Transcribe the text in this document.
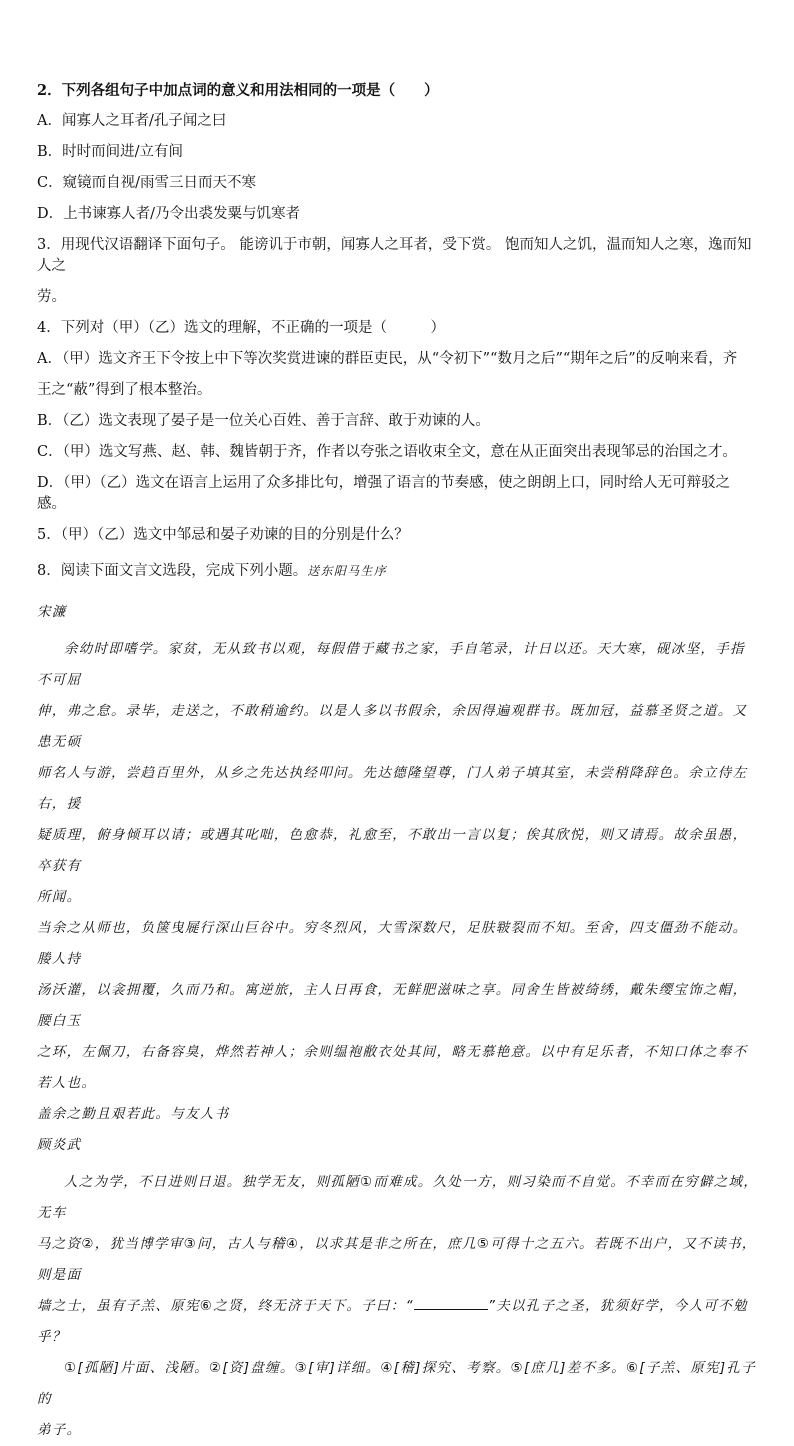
2．下列各组句子中加点词的意义和用法相同的一项是（　　）

A．闻寡人之耳者/孔子闻之曰

B．时时而间进/立有间

C．窥镜而自视/雨雪三日而天不寒

D．上书谏寡人者/乃令出裘发粟与饥寒者

3．用现代汉语翻译下面句子。 能谤讥于市朝，闻寡人之耳者，受下赏。 饱而知人之饥，温而知人之寒，逸而知人之

劳。

4．下列对（甲）（乙）选文的理解，不正确的一项是（　　　）

A．（甲）选文齐王下令按上中下等次奖赏进谏的群臣吏民，从“令初下”“数月之后”“期年之后”的反响来看，齐

王之“蔽”得到了根本整治。

B．（乙）选文表现了晏子是一位关心百姓、善于言辞、敢于劝谏的人。

C．（甲）选文写燕、赵、韩、魏皆朝于齐，作者以夸张之语收束全文，意在从正面突出表现邹忌的治国之才。

D．（甲）（乙）选文在语言上运用了众多排比句，增强了语言的节奏感，使之朗朗上口，同时给人无可辩驳之感。

5．（甲）（乙）选文中邹忌和晏子劝谏的目的分别是什么？

8．阅读下面文言文选段，完成下列小题。送东阳马生序

宋濂

余幼时即嗜学。家贫，无从致书以观，每假借于藏书之家，手自笔录，计日以还。天大寒，砚冰坚，手指不可屈

伸，弗之怠。录毕，走送之，不敢稍逾约。以是人多以书假余，余因得遍观群书。既加冠，益慕圣贤之道。又患无硕

师名人与游，尝趋百里外，从乡之先达执经叩问。先达德隆望尊，门人弟子填其室，未尝稍降辞色。余立侍左右，援

疑质理，俯身倾耳以请；或遇其叱咄，色愈恭，礼愈至，不敢出一言以复；俟其欣悦，则又请焉。故余虽愚，卒获有

所闻。

当余之从师也，负箧曳屣行深山巨谷中。穷冬烈风，大雪深数尺，足肤皲裂而不知。至舍，四支僵劲不能动。媵人持

汤沃灌，以衾拥覆，久而乃和。寓逆旅，主人日再食，无鲜肥滋味之享。同舍生皆被绮绣，戴朱缨宝饰之帽，腰白玉

之环，左佩刀，右备容臭，烨然若神人；余则缊袍敝衣处其间，略无慕艳意。以中有足乐者，不知口体之奉不若人也。

盖余之勤且艰若此。与友人书

顾炎武

人之为学，不日进则日退。独学无友，则孤陋①而难成。久处一方，则习染而不自觉。不幸而在穷僻之域，无车

马之资②，犹当博学审③问，古人与稽④，以求其是非之所在，庶几⑤可得十之五六。若既不出户，又不读书，则是面

墙之士，虽有子羔、原宪⑥之贤，终无济于天下。子曰：“	”夫以孔子之圣，犹须好学，今人可不勉乎？

①[孤陋]片面、浅陋。②[资]盘缠。③[审]详细。④[稽]探究、考察。⑤[庶几]差不多。⑥[子羔、原宪]孔子的

弟子。
